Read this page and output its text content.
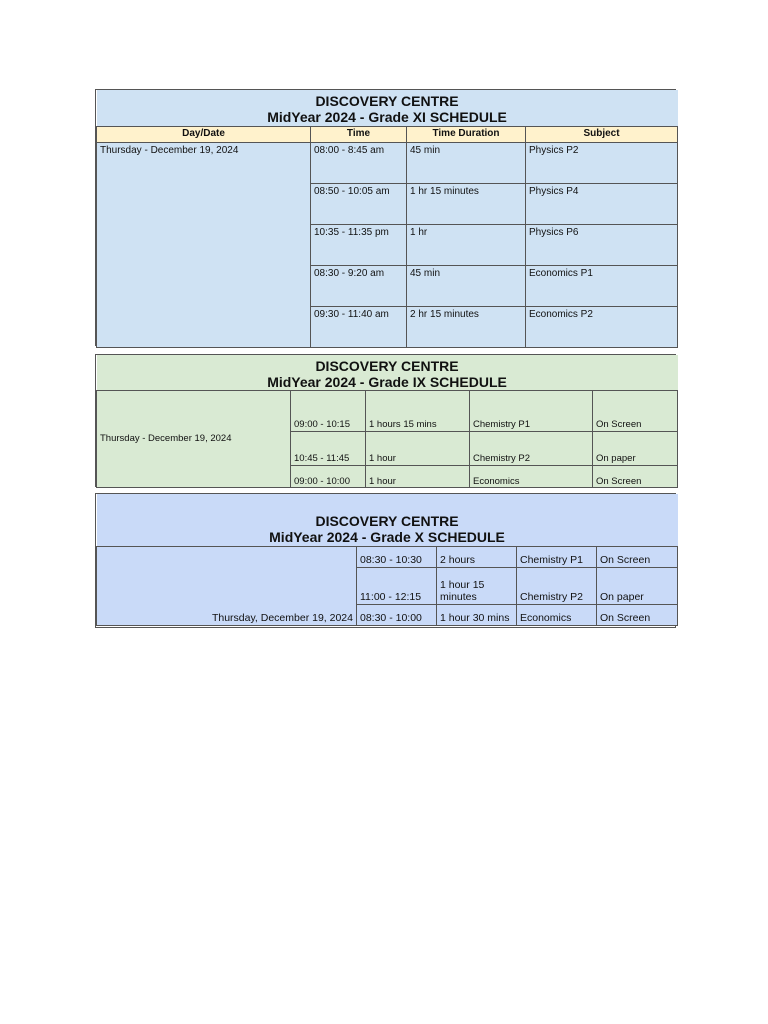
DISCOVERY CENTRE
MidYear 2024 - Grade XI SCHEDULE			

Day/Date	Time	Time Duration	Subject
Thursday - December 19, 2024	08:00 - 8:45 am	45 min	Physics P2
	08:50 - 10:05 am	1 hr 15 minutes	Physics P4
	10:35 - 11:35 pm	1 hr	Physics P6
	08:30 - 9:20 am	45 min	Economics P1
	09:30 - 11:40 am	2 hr 15 minutes	Economics P2
DISCOVERY CENTRE
MidYear 2024 - Grade IX SCHEDULE				

Thursday - December 19, 2024	09:00 - 10:15	1 hours 15 mins	Chemistry P1	On Screen
	10:45 - 11:45	1 hour	Chemistry P2	On paper
	09:00 - 10:00	1 hour	Economics	On Screen
DISCOVERY CENTRE
MidYear 2024 - Grade X SCHEDULE				

Thursday, December 19, 2024	08:30 - 10:30	2 hours	Chemistry P1	On Screen
	11:00 - 12:15	1 hour 15 minutes	Chemistry P2	On paper
	08:30 - 10:00	1 hour 30 mins	Economics	On Screen
